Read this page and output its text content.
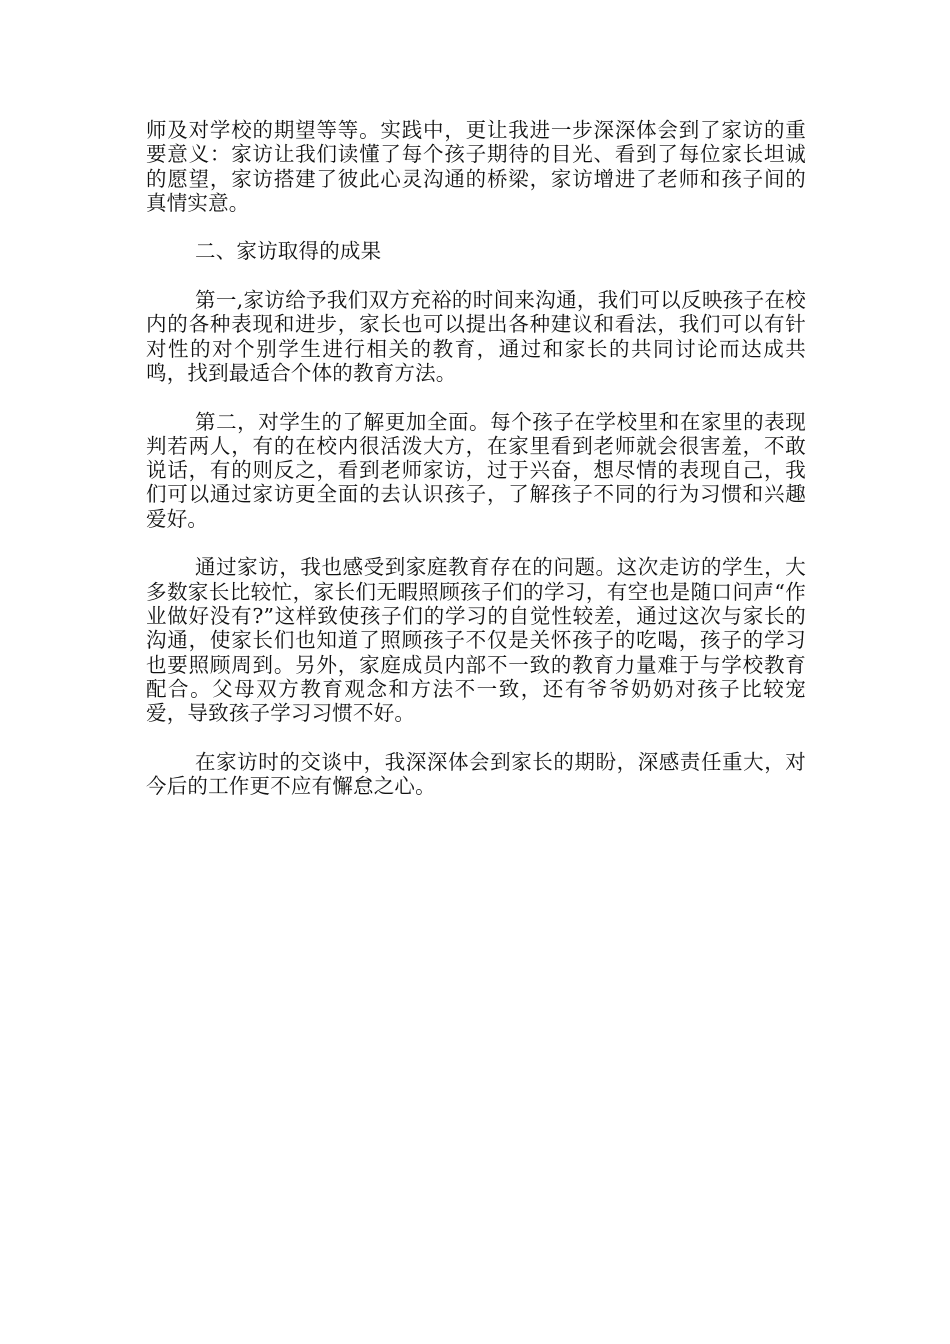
师及对学校的期望等等。实践中，更让我进一步深深体会到了家访的重要意义：家访让我们读懂了每个孩子期待的目光、看到了每位家长坦诚的愿望，家访搭建了彼此心灵沟通的桥梁，家访增进了老师和孩子间的真情实意。

二、家访取得的成果

第一,家访给予我们双方充裕的时间来沟通，我们可以反映孩子在校内的各种表现和进步，家长也可以提出各种建议和看法，我们可以有针对性的对个别学生进行相关的教育，通过和家长的共同讨论而达成共鸣，找到最适合个体的教育方法。

第二，对学生的了解更加全面。每个孩子在学校里和在家里的表现判若两人，有的在校内很活泼大方，在家里看到老师就会很害羞，不敢说话，有的则反之，看到老师家访，过于兴奋，想尽情的表现自己，我们可以通过家访更全面的去认识孩子，了解孩子不同的行为习惯和兴趣爱好。

通过家访，我也感受到家庭教育存在的问题。这次走访的学生，大多数家长比较忙，家长们无暇照顾孩子们的学习，有空也是随口问声“作业做好没有?”这样致使孩子们的学习的自觉性较差，通过这次与家长的沟通，使家长们也知道了照顾孩子不仅是关怀孩子的吃喝，孩子的学习也要照顾周到。另外，家庭成员内部不一致的教育力量难于与学校教育配合。父母双方教育观念和方法不一致，还有爷爷奶奶对孩子比较宠爱，导致孩子学习习惯不好。

在家访时的交谈中，我深深体会到家长的期盼，深感责任重大，对今后的工作更不应有懈怠之心。
